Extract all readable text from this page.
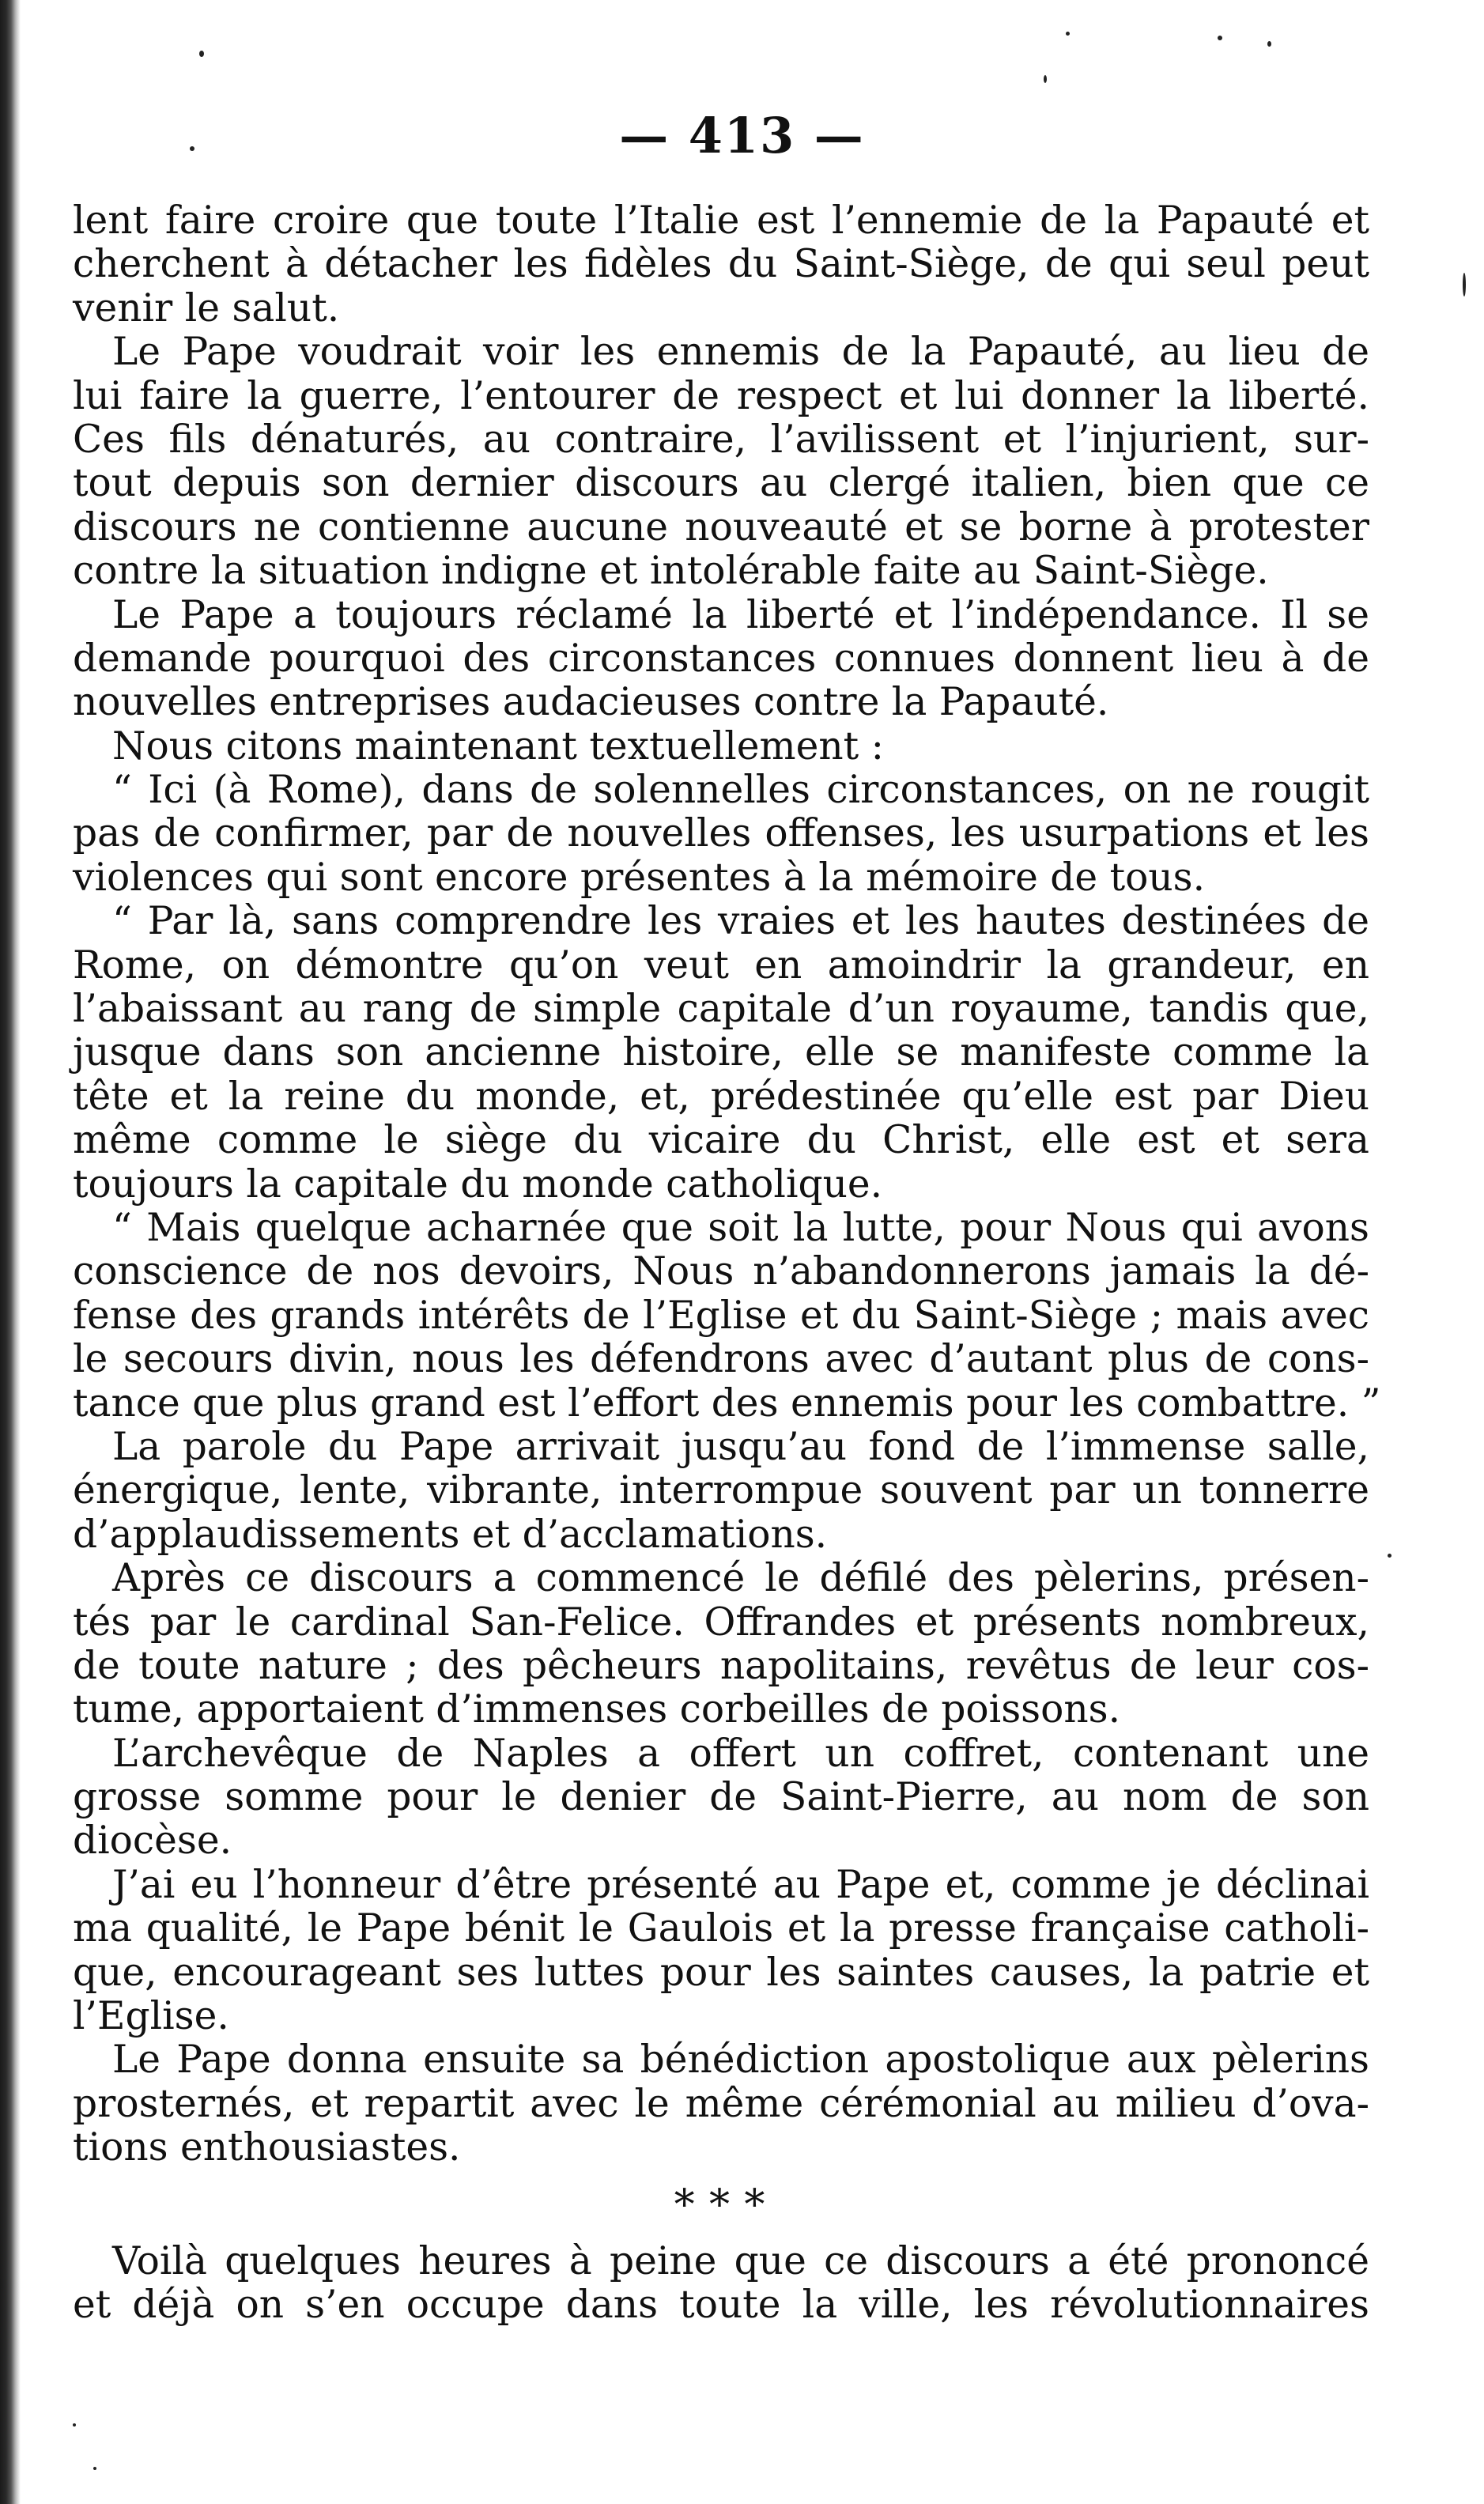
— 413 —
lent faire croire que toute l’Italie est l’ennemie de la Papauté et
cherchent à détacher les fidèles du Saint-Siège, de qui seul peut
venir le salut.
Le Pape voudrait voir les ennemis de la Papauté, au lieu de
lui faire la guerre, l’entourer de respect et lui donner la liberté.
Ces fils dénaturés, au contraire, l’avilissent et l’injurient, sur-
tout depuis son dernier discours au clergé italien, bien que ce
discours ne contienne aucune nouveauté et se borne à protester
contre la situation indigne et intolérable faite au Saint-Siège.
Le Pape a toujours réclamé la liberté et l’indépendance. Il se
demande pourquoi des circonstances connues donnent lieu à de
nouvelles entreprises audacieuses contre la Papauté.
Nous citons maintenant textuellement :
“ Ici (à Rome), dans de solennelles circonstances, on ne rougit
pas de confirmer, par de nouvelles offenses, les usurpations et les
violences qui sont encore présentes à la mémoire de tous.
“ Par là, sans comprendre les vraies et les hautes destinées de
Rome, on démontre qu’on veut en amoindrir la grandeur, en
l’abaissant au rang de simple capitale d’un royaume, tandis que,
jusque dans son ancienne histoire, elle se manifeste comme la
tête et la reine du monde, et, prédestinée qu’elle est par Dieu
même comme le siège du vicaire du Christ, elle est et sera
toujours la capitale du monde catholique.
“ Mais quelque acharnée que soit la lutte, pour Nous qui avons
conscience de nos devoirs, Nous n’abandonnerons jamais la dé-
fense des grands intérêts de l’Eglise et du Saint-Siège ; mais avec
le secours divin, nous les défendrons avec d’autant plus de cons-
tance que plus grand est l’effort des ennemis pour les combattre. ”
La parole du Pape arrivait jusqu’au fond de l’immense salle,
énergique, lente, vibrante, interrompue souvent par un tonnerre
d’applaudissements et d’acclamations.
Après ce discours a commencé le défilé des pèlerins, présen-
tés par le cardinal San-Felice. Offrandes et présents nombreux,
de toute nature ; des pêcheurs napolitains, revêtus de leur cos-
tume, apportaient d’immenses corbeilles de poissons.
L’archevêque de Naples a offert un coffret, contenant une
grosse somme pour le denier de Saint-Pierre, au nom de son
diocèse.
J’ai eu l’honneur d’être présenté au Pape et, comme je déclinai
ma qualité, le Pape bénit le Gaulois et la presse française catholi-
que, encourageant ses luttes pour les saintes causes, la patrie et
l’Eglise.
Le Pape donna ensuite sa bénédiction apostolique aux pèlerins
prosternés, et repartit avec le même cérémonial au milieu d’ova-
tions enthousiastes.
* * *
Voilà quelques heures à peine que ce discours a été prononcé
et déjà on s’en occupe dans toute la ville, les révolutionnaires
